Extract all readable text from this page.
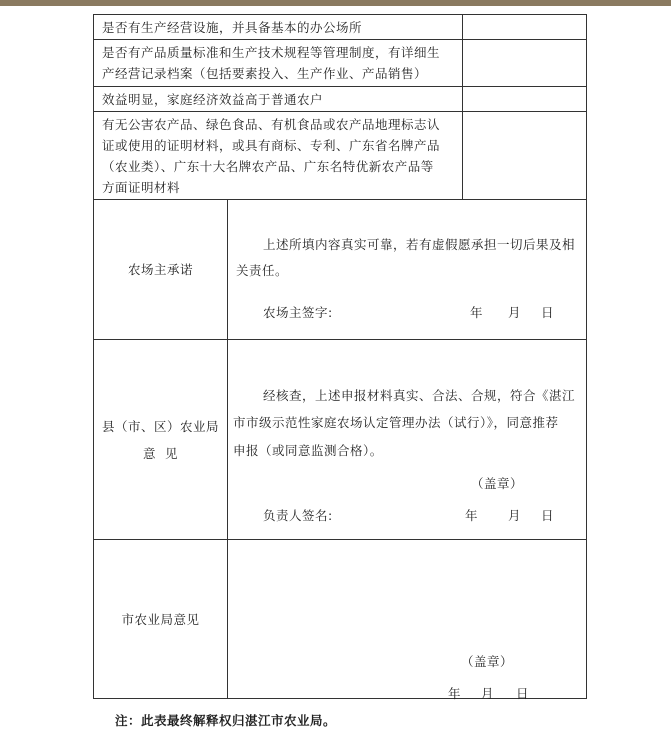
是否有生产经营设施，并具备基本的办公场所
是否有产品质量标准和生产技术规程等管理制度，有详细生
产经营记录档案（包括要素投入、生产作业、产品销售）
效益明显，家庭经济效益高于普通农户
有无公害农产品、绿色食品、有机食品或农产品地理标志认
证或使用的证明材料，或具有商标、专利、广东省名牌产品
（农业类）、广东十大名牌农产品、广东名特优新农产品等
方面证明材料
农场主承诺
上述所填内容真实可靠，若有虚假愿承担一切后果及相
关责任。
农场主签字:	年 月 日
县（市、区）农业局
意  见
经核查，上述申报材料真实、合法、合规，符合《湛江
市市级示范性家庭农场认定管理办法（试行）》，同意推荐
申报（或同意监测合格）。
（盖章）
负责人签名:	年 月 日
市农业局意见
（盖章）
年 月 日
注：此表最终解释权归湛江市农业局。
